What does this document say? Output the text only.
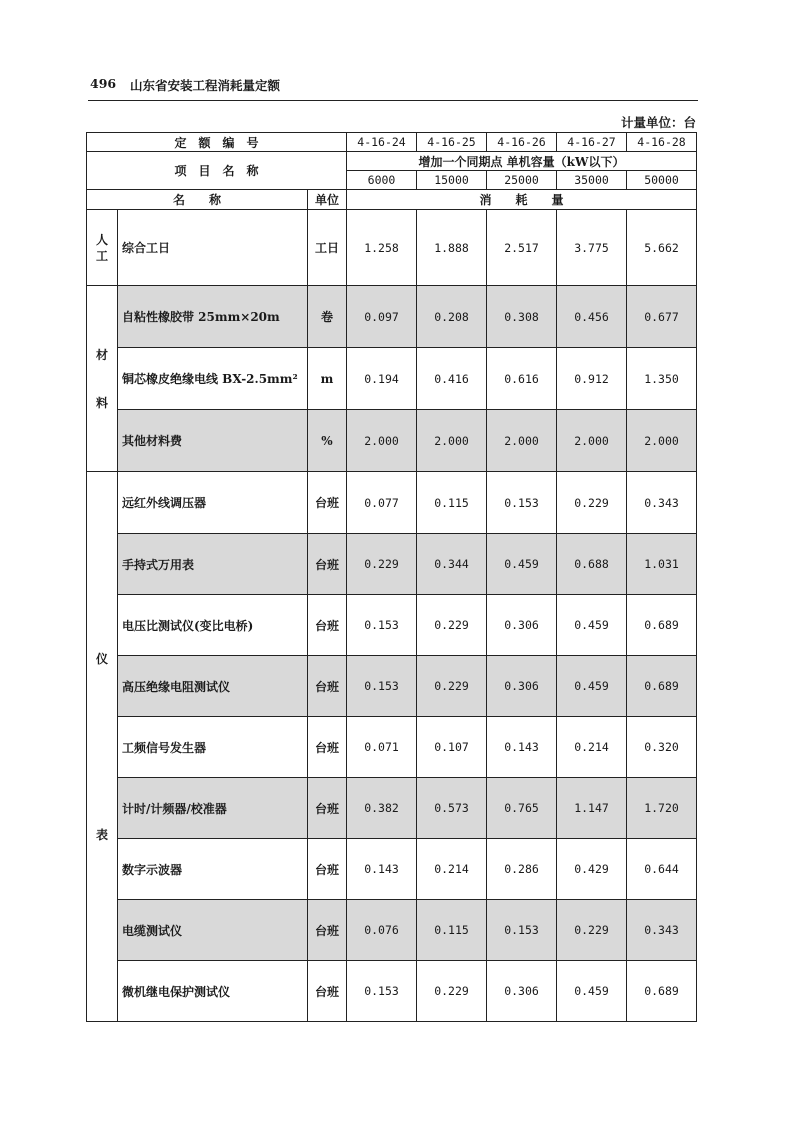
496 山东省安装工程消耗量定额
计量单位：台
定　额　编　号			4-16-24	4-16-25	4-16-26	4-16-27	4-16-28
项　目　名　称			增加一个同期点 单机容量（kW以下）				
			6000	15000	25000	35000	50000
名　　称		单位	消　　耗　　量				
人
工	综合工日	工日	1.258	1.888	2.517	3.775	5.662
材

料	自粘性橡胶带 25mm×20m	卷	0.097	0.208	0.308	0.456	0.677
	铜芯橡皮绝缘电线 BX-2.5mm²	m	0.194	0.416	0.616	0.912	1.350
	其他材料费	%	2.000	2.000	2.000	2.000	2.000
仪

表	远红外线调压器	台班	0.077	0.115	0.153	0.229	0.343
	手持式万用表	台班	0.229	0.344	0.459	0.688	1.031
	电压比测试仪(变比电桥)	台班	0.153	0.229	0.306	0.459	0.689
	高压绝缘电阻测试仪	台班	0.153	0.229	0.306	0.459	0.689
	工频信号发生器	台班	0.071	0.107	0.143	0.214	0.320
	计时/计频器/校准器	台班	0.382	0.573	0.765	1.147	1.720
	数字示波器	台班	0.143	0.214	0.286	0.429	0.644
	电缆测试仪	台班	0.076	0.115	0.153	0.229	0.343
	微机继电保护测试仪	台班	0.153	0.229	0.306	0.459	0.689
